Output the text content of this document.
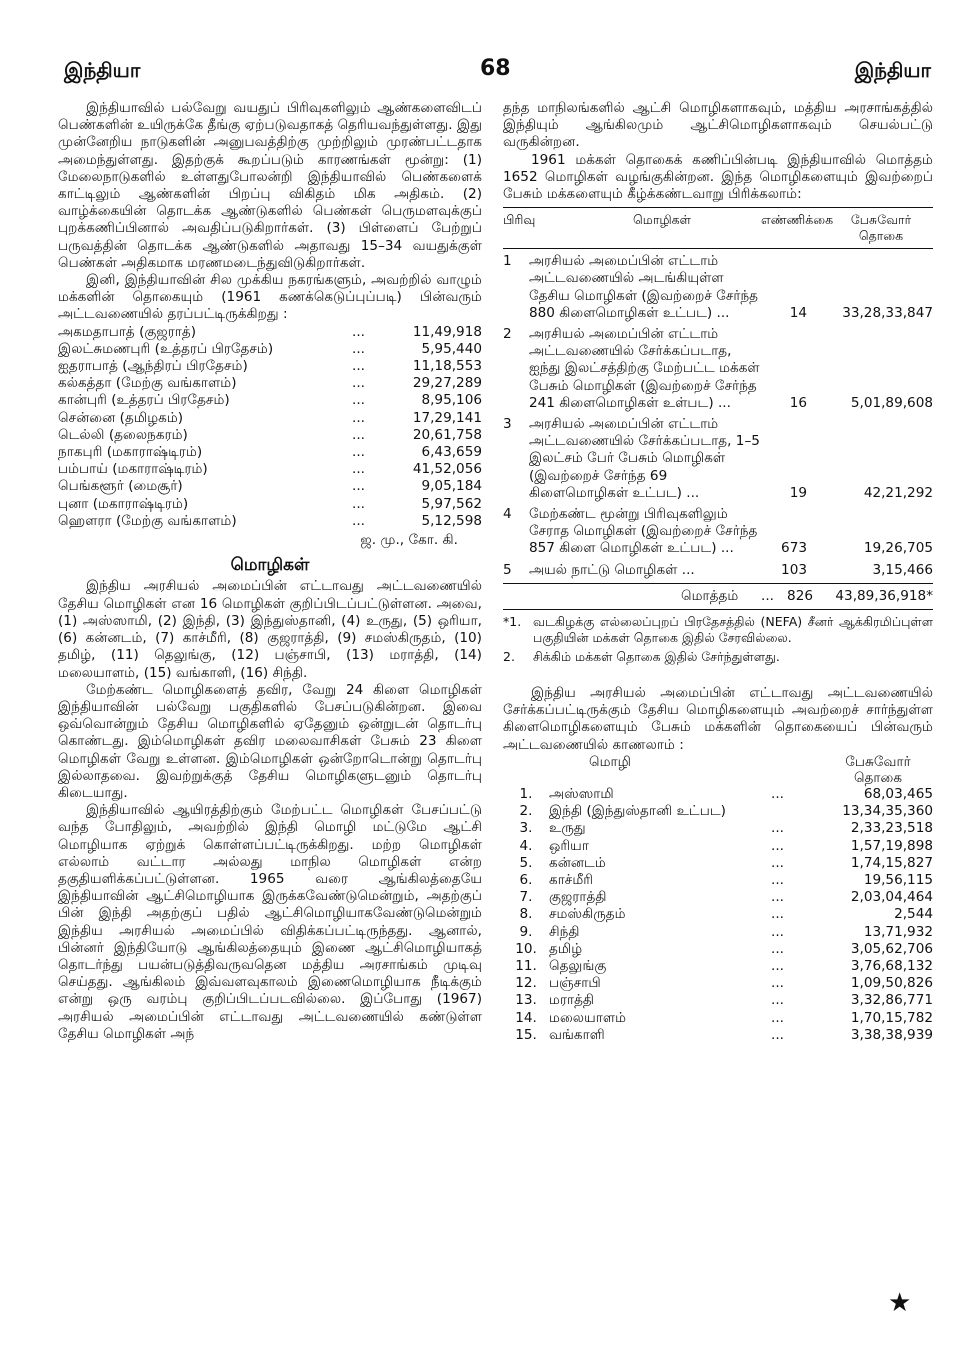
இந்தியா	68	இந்தியா

இந்தியாவில் பல்வேறு வயதுப் பிரிவுகளிலும் ஆண்களைவிடப் பெண்களின் உயிருக்கே தீங்கு ஏற்படுவதாகத் தெரியவந்துள்ளது. இது முன்னேறிய நாடுகளின் அனுபவத்திற்கு முற்றிலும் முரண்பட்டதாக அமைந்துள்ளது. இதற்குக் கூறப்படும் காரணங்கள் மூன்று: (1) மேலைநாடுகளில் உள்ளதுபோலன்றி இந்தியாவில் பெண்களைக் காட்டிலும் ஆண்களின் பிறப்பு விகிதம் மிக அதிகம். (2) வாழ்க்கையின் தொடக்க ஆண்டுகளில் பெண்கள் பெருமளவுக்குப் புறக்கணிப்பினால் அவதிப்படுகிறார்கள். (3) பிள்ளைப் பேற்றுப் பருவத்தின் தொடக்க ஆண்டுகளில் அதாவது 15–34 வயதுக்குள் பெண்கள் அதிகமாக மரணமடைந்துவிடுகிறார்கள்.

இனி, இந்தியாவின் சில முக்கிய நகரங்களும், அவற்றில் வாழும் மக்களின் தொகையும் (1961 கணக்கெடுப்புப்படி) பின்வரும் அட்டவணையில் தரப்பட்டிருக்கிறது :

அகமதாபாத் (குஜராத்)	...	11,49,918
இலட்சுமணபுரி (உத்தரப் பிரதேசம்)	...	5,95,440
ஐதராபாத் (ஆந்திரப் பிரதேசம்)	...	11,18,553
கல்கத்தா (மேற்கு வங்காளம்)	...	29,27,289
கான்புரி (உத்தரப் பிரதேசம்)	...	8,95,106
சென்னை (தமிழகம்)	...	17,29,141
டெல்லி (தலைநகரம்)	...	20,61,758
நாகபுரி (மகாராஷ்டிரம்)	...	6,43,659
பம்பாய் (மகாராஷ்டிரம்)	...	41,52,056
பெங்களூர் (மைசூர்)	...	9,05,184
புனா (மகாராஷ்டிரம்)	...	5,97,562
ஹெளரா (மேற்கு வங்காளம்)	...	5,12,598
ஜ. மு., கோ. கி.
மொழிகள்

இந்திய அரசியல் அமைப்பின் எட்டாவது அட்டவணையில் தேசிய மொழிகள் என 16 மொழிகள் குறிப்பிடப்பட்டுள்ளன. அவை, (1) அஸ்ஸாமி, (2) இந்தி, (3) இந்துஸ்தானி, (4) உருது, (5) ஒரியா, (6) கன்னடம், (7) காச்மீரி, (8) குஜராத்தி, (9) சமஸ்கிருதம், (10) தமிழ், (11) தெலுங்கு, (12) பஞ்சாபி, (13) மராத்தி, (14) மலையாளம், (15) வங்காளி, (16) சிந்தி.

மேற்கண்ட மொழிகளைத் தவிர, வேறு 24 கிளை மொழிகள் இந்தியாவின் பல்வேறு பகுதிகளில் பேசப்படுகின்றன. இவை ஒவ்வொன்றும் தேசிய மொழிகளில் ஏதேனும் ஒன்றுடன் தொடர்பு கொண்டது. இம்மொழிகள் தவிர மலைவாசிகள் பேசும் 23 கிளை மொழிகள் வேறு உள்ளன. இம்மொழிகள் ஒன்றோடொன்று தொடர்பு இல்லாதவை. இவற்றுக்குத் தேசிய மொழிகளுடனும் தொடர்பு கிடையாது.

இந்தியாவில் ஆயிரத்திற்கும் மேற்பட்ட மொழிகள் பேசப்பட்டு வந்த போதிலும், அவற்றில் இந்தி மொழி மட்டுமே ஆட்சி மொழியாக ஏற்றுக் கொள்ளப்பட்டிருக்கிறது. மற்ற மொழிகள் எல்லாம் வட்டார அல்லது மாநில மொழிகள் என்ற தகுதியளிக்கப்பட்டுள்ளன. 1965 வரை ஆங்கிலத்தையே இந்தியாவின் ஆட்சிமொழியாக இருக்கவேண்டுமென்றும், அதற்குப் பின் இந்தி அதற்குப் பதில் ஆட்சிமொழியாகவேண்டுமென்றும் இந்திய அரசியல் அமைப்பில் விதிக்கப்பட்டிருந்தது. ஆனால், பின்னர் இந்தியோடு ஆங்கிலத்தையும் இணை ஆட்சிமொழியாகத் தொடர்ந்து பயன்படுத்திவருவதென மத்திய அரசாங்கம் முடிவு செய்தது. ஆங்கிலம் இவ்வளவுகாலம் இணைமொழியாக நீடிக்கும் என்று ஒரு வரம்பு குறிப்பிடப்படவில்லை. இப்போது (1967) அரசியல் அமைப்பின் எட்டாவது அட்டவணையில் கண்டுள்ள தேசிய மொழிகள் அந்

தந்த மாநிலங்களில் ஆட்சி மொழிகளாகவும், மத்திய அரசாங்கத்தில் இந்தியும் ஆங்கிலமும் ஆட்சிமொழிகளாகவும் செயல்பட்டு வருகின்றன.

1961 மக்கள் தொகைக் கணிப்பின்படி இந்தியாவில் மொத்தம் 1652 மொழிகள் வழங்குகின்றன. இந்த மொழிகளையும் இவற்றைப் பேசும் மக்களையும் கீழ்க்கண்டவாறு பிரிக்கலாம்:

பிரிவு	மொழிகள்	எண்ணிக்கை	பேசுவோர் தொகை
1	அரசியல் அமைப்பின் எட்டாம் அட்டவணையில் அடங்கியுள்ள தேசிய மொழிகள் (இவற்றைச் சேர்ந்த 880 கிளைமொழிகள் உட்பட) ...	14	33,28,33,847
2	அரசியல் அமைப்பின் எட்டாம் அட்டவணையில் சேர்க்கப்படாத, ஐந்து இலட்சத்திற்கு மேற்பட்ட மக்கள் பேசும் மொழிகள் (இவற்றைச் சேர்ந்த 241 கிளைமொழிகள் உள்பட) ...	16	5,01,89,608
3	அரசியல் அமைப்பின் எட்டாம் அட்டவணையில் சேர்க்கப்படாத, 1–5 இலட்சம் பேர் பேசும் மொழிகள் (இவற்றைச் சேர்ந்த 69 கிளைமொழிகள் உட்பட) ...	19	42,21,292
4	மேற்கண்ட மூன்று பிரிவுகளிலும் சேராத மொழிகள் (இவற்றைச் சேர்ந்த 857 கிளை மொழிகள் உட்பட) ...	673	19,26,705
5	அயல் நாட்டு மொழிகள் ...	103	3,15,466
மொத்தம்	... 826	43,89,36,918*
*1. வடகிழக்கு எல்லைப்புறப் பிரதேசத்தில் (NEFA) சீனர் ஆக்கிரமிப்புள்ள பகுதியின் மக்கள் தொகை இதில் சேரவில்லை.
2.	சிக்கிம் மக்கள் தொகை இதில் சேர்ந்துள்ளது.

இந்திய அரசியல் அமைப்பின் எட்டாவது அட்டவணையில் சேர்க்கப்பட்டிருக்கும் தேசிய மொழிகளையும் அவற்றைச் சார்ந்துள்ள கிளைமொழிகளையும் பேசும் மக்களின் தொகையைப் பின்வரும் அட்டவணையில் காணலாம் :

மொழி	பேசுவோர் தொகை
1.	அஸ்ஸாமி	...	68,03,465
2.	இந்தி (இந்துஸ்தானி உட்பட)	13,34,35,360
3.	உருது	...	2,33,23,518
4.	ஒரியா	...	1,57,19,898
5.	கன்னடம்	...	1,74,15,827
6.	காச்மீரி	...	19,56,115
7.	குஜராத்தி	...	2,03,04,464
8.	சமஸ்கிருதம்	...	2,544
9.	சிந்தி	...	13,71,932
10. தமிழ்	...	3,05,62,706
11. தெலுங்கு	...	3,76,68,132
12. பஞ்சாபி	...	1,09,50,826
13. மராத்தி	...	3,32,86,771
14. மலையாளம்	...	1,70,15,782
15. வங்காளி	...	3,38,38,939
★
